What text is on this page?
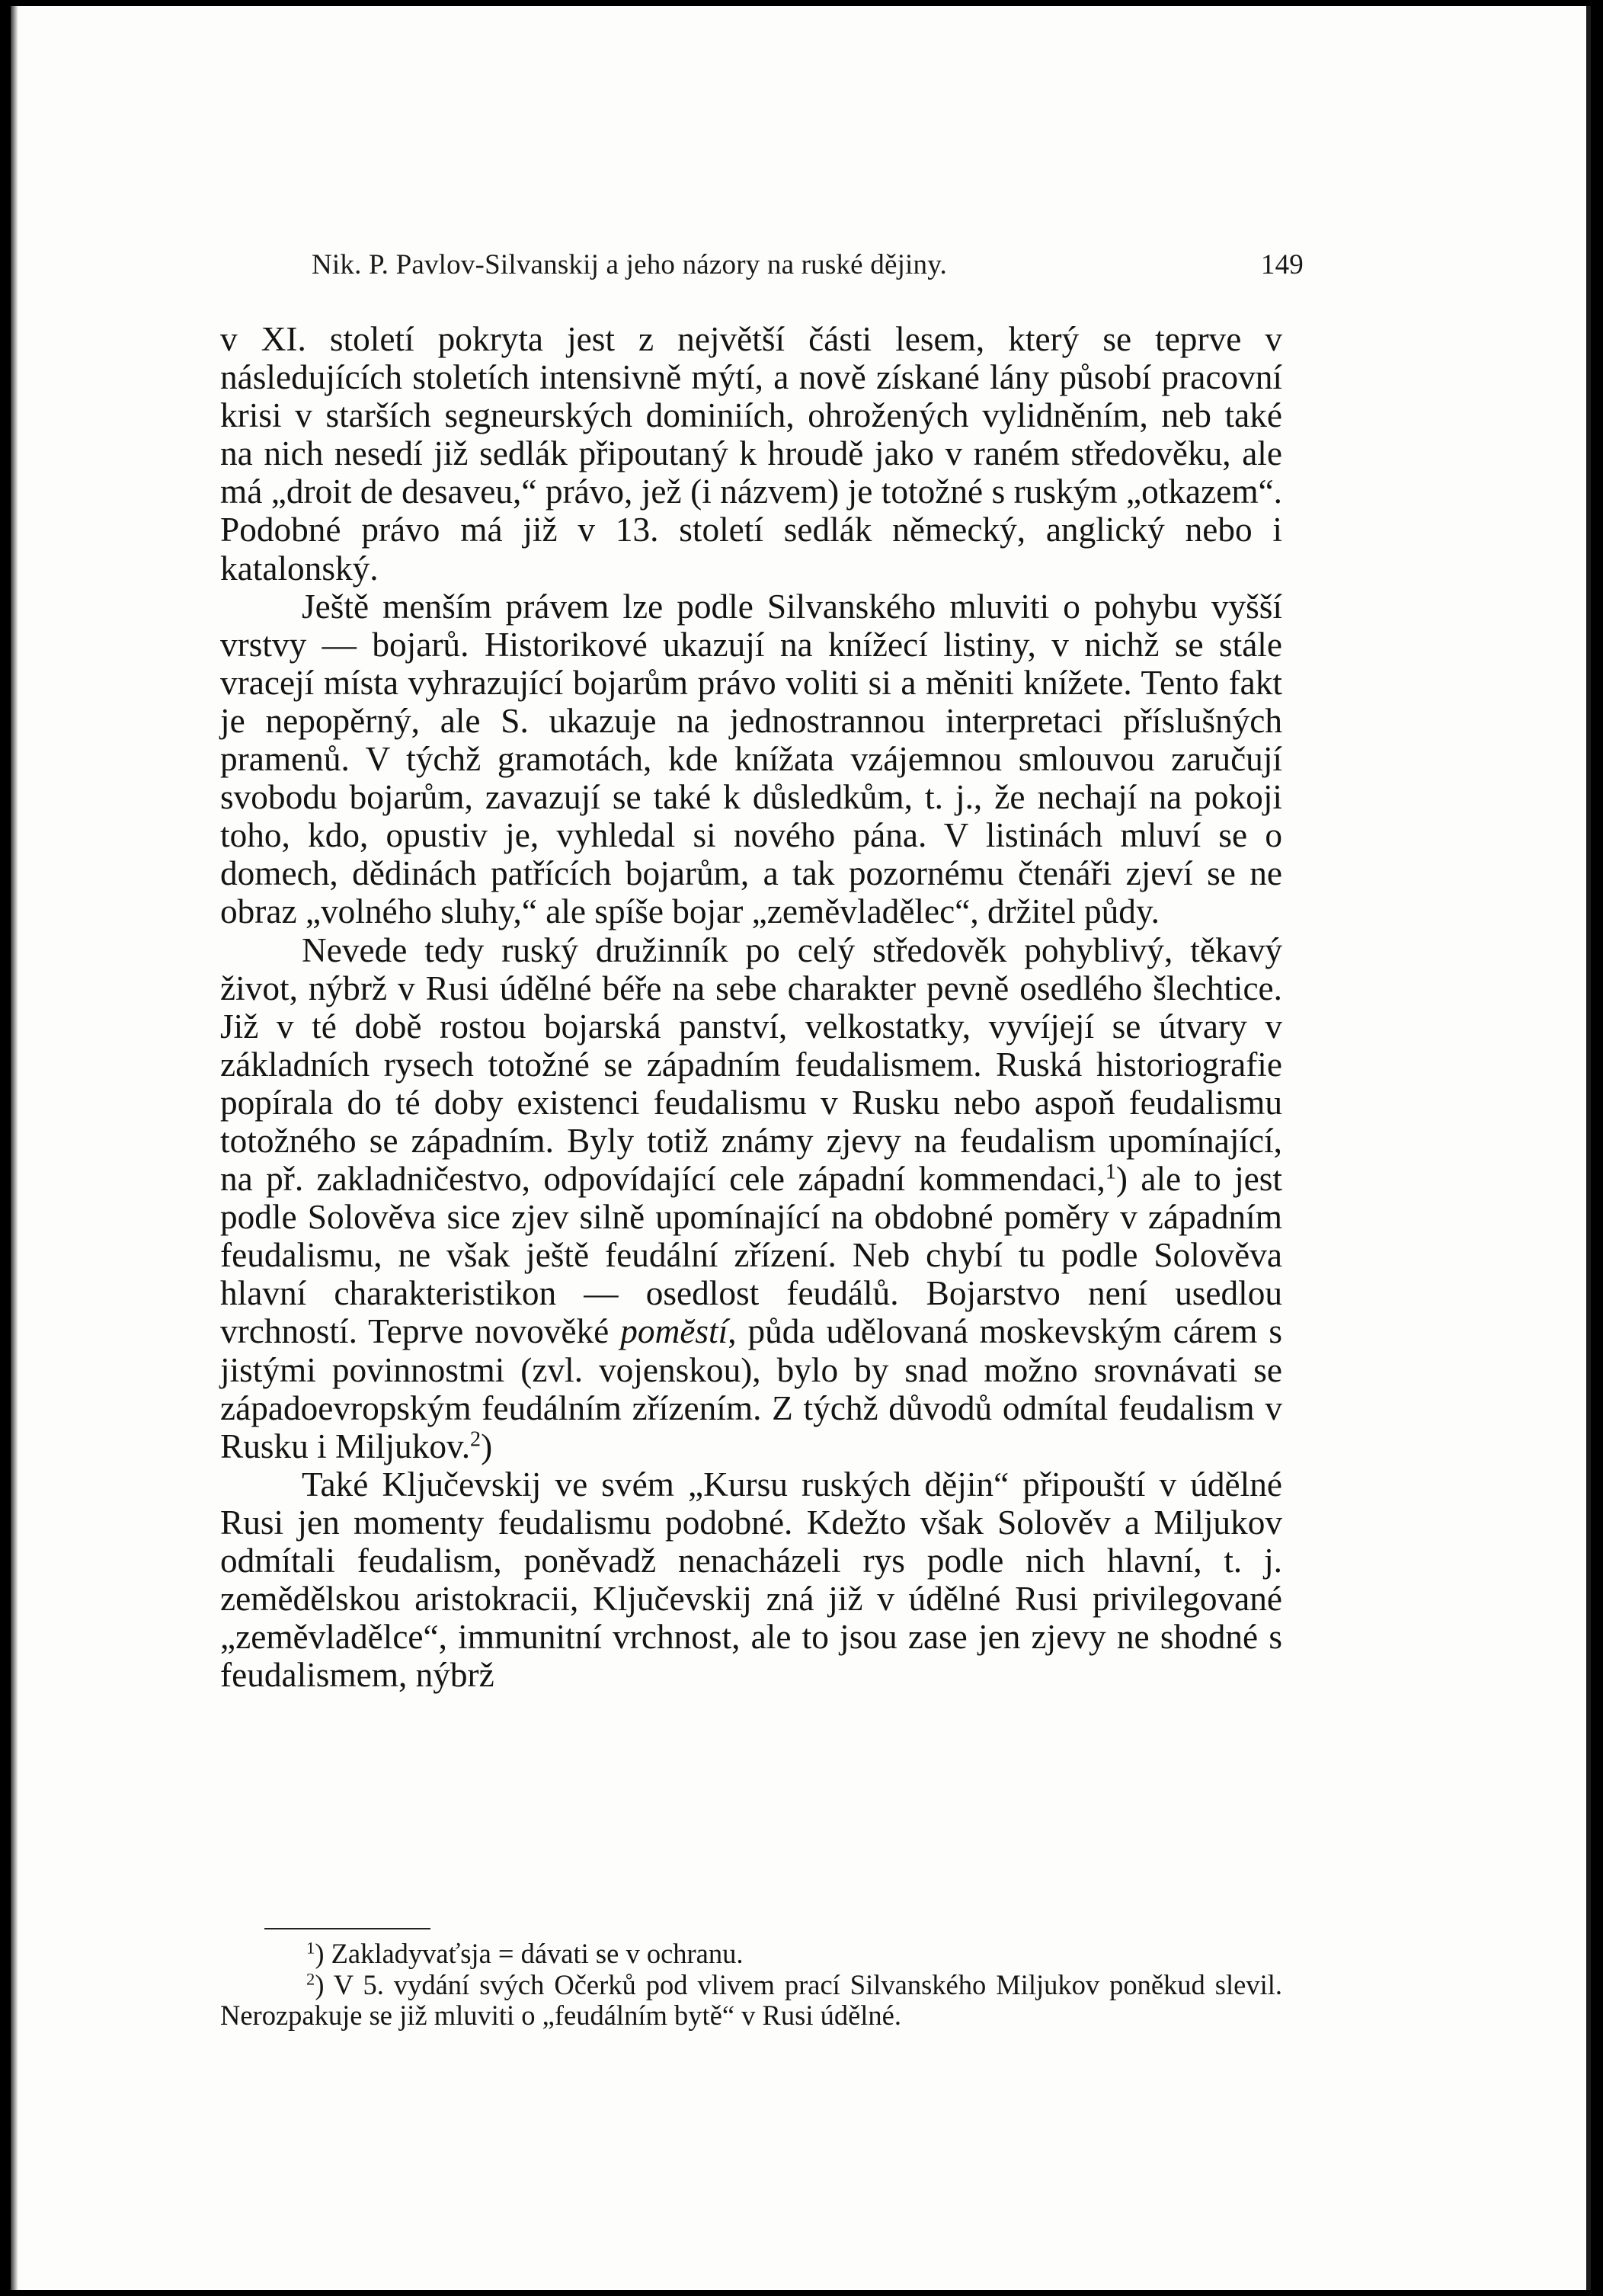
Nik. P. Pavlov-Silvanskij a jeho názory na ruské dějiny.	149

v XI. století pokryta jest z největší části lesem, který se teprve v následujících stoletích intensivně mýtí, a nově získané lány působí pracovní krisi v starších segneurských dominiích, ohrožených vylidněním, neb také na nich nesedí již sedlák připoutaný k hroudě jako v raném středověku, ale má „droit de desaveu,“ právo, jež (i názvem) je totožné s ruským „otkazem“. Podobné právo má již v 13. století sedlák německý, anglický nebo i katalonský.

Ještě menším právem lze podle Silvanského mluviti o pohybu vyšší vrstvy — bojarů. Historikové ukazují na knížecí listiny, v nichž se stále vracejí místa vyhrazující bojarům právo voliti si a měniti knížete. Tento fakt je nepopěrný, ale S. ukazuje na jednostrannou interpretaci příslušných pramenů. V týchž gramotách, kde knížata vzájemnou smlouvou zaručují svobodu bojarům, zavazují se také k důsledkům, t. j., že nechají na pokoji toho, kdo, opustiv je, vyhledal si nového pána. V listinách mluví se o domech, dědinách patřících bojarům, a tak pozornému čtenáři zjeví se ne obraz „volného sluhy,“ ale spíše bojar „zeměvladělec“, držitel půdy.

Nevede tedy ruský družinník po celý středověk pohyblivý, těkavý život, nýbrž v Rusi údělné béře na sebe charakter pevně osedlého šlechtice. Již v té době rostou bojarská panství, velkostatky, vyvíjejí se útvary v základních rysech totožné se západním feudalismem. Ruská historiografie popírala do té doby existenci feudalismu v Rusku nebo aspoň feudalismu totožného se západním. Byly totiž známy zjevy na feudalism upomínající, na př. zakladničestvo, odpovídající cele západní kommendaci,$^1$) ale to jest podle Solověva sice zjev silně upomínající na obdobné poměry v západním feudalismu, ne však ještě feudální zřízení. Neb chybí tu podle Solověva hlavní charakteristikon — osedlost feudálů. Bojarstvo není usedlou vrchností. Teprve novověké pomĕstí, půda udělovaná moskevským cárem s jistými povinnostmi (zvl. vojenskou), bylo by snad možno srovnávati se západoevropským feudálním zřízením. Z týchž důvodů odmítal feudalism v Rusku i Miljukov.$^2$)

Také Ključevskij ve svém „Kursu ruských dějin“ připouští v údělné Rusi jen momenty feudalismu podobné. Kdežto však Solověv a Miljukov odmítali feudalism, poněvadž nenacházeli rys podle nich hlavní, t. j. zemědělskou aristokracii, Ključevskij zná již v údělné Rusi privilegované „zeměvladělce“, immunitní vrchnost, ale to jsou zase jen zjevy ne shodné s feudalismem, nýbrž

$^1$) Zakladyvaťsja = dávati se v ochranu.

$^2$) V 5. vydání svých Očerků pod vlivem prací Silvanského Miljukov poněkud slevil. Nerozpakuje se již mluviti o „feudálním bytě“ v Rusi údělné.
